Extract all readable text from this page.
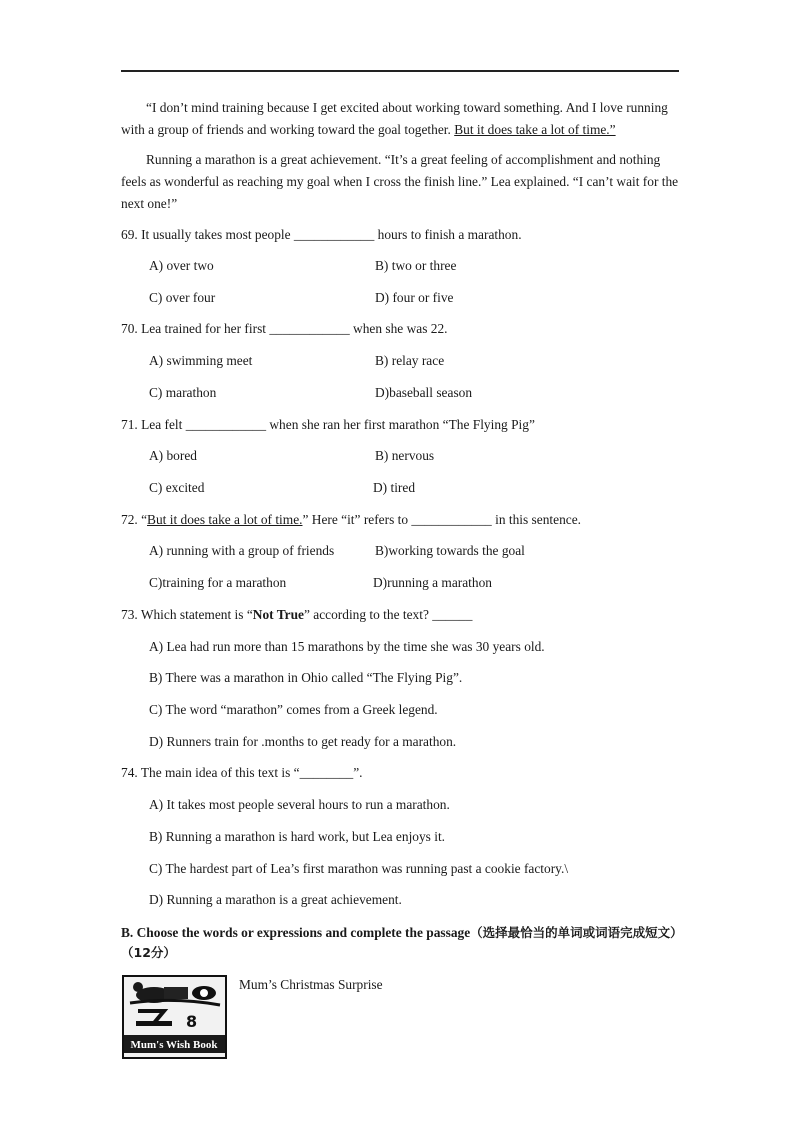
“I don’t mind training because I get excited about working toward something. And I love running with a group of friends and working toward the goal together. But it does take a lot of time.”
Running a marathon is a great achievement. “It’s a great feeling of accomplishment and nothing feels as wonderful as reaching my goal when I cross the finish line.” Lea explained. “I can’t wait for the next one!”
69. It usually takes most people ____________ hours to finish a marathon.
A) over two	B) two or three
C) over four	D) four or five
70. Lea trained for her first ____________ when she was 22.
A) swimming meet	B) relay race
C) marathon	D)baseball season
71. Lea felt ____________ when she ran her first marathon “The Flying Pig”
A) bored	B) nervous
C) excited	D) tired
72. “But it does take a lot of time.” Here “it” refers to ____________ in this sentence.
A) running with a group of friends	B)working towards the goal
C)training for a marathon	D)running a marathon
73. Which statement is “Not True” according to the text? ______
A) Lea had run more than 15 marathons by the time she was 30 years old.
B) There was a marathon in Ohio called “The Flying Pig”.
C) The word “marathon” comes from a Greek legend.
D) Runners train for .months to get ready for a marathon.
74. The main idea of this text is “________”.
A) It takes most people several hours to run a marathon.
B) Running a marathon is hard work, but Lea enjoys it.
C) The hardest part of Lea’s first marathon was running past a cookie factory.\
D) Running a marathon is a great achievement.
B. Choose the words or expressions and complete the passage（选择最恰当的单词或词语完成短文）（12分）
8
Mum's Wish Book
Mum’s Christmas Surprise
